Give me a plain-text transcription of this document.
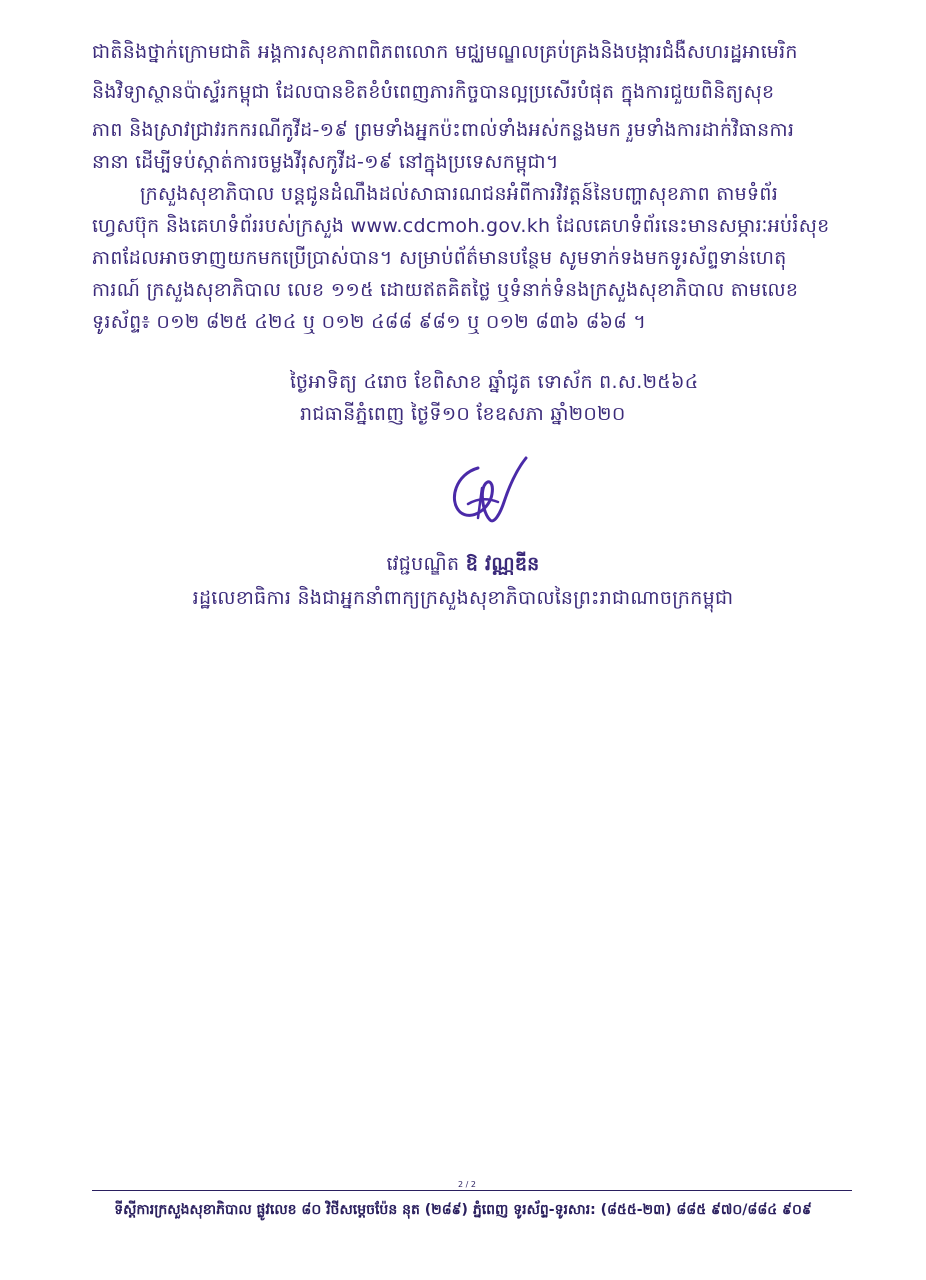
ជាតិនិងថ្នាក់ក្រោមជាតិ អង្គការសុខភាពពិភពលោក មជ្ឈមណ្ឌលគ្រប់គ្រងនិងបង្ការជំងឺសហរដ្ឋអាមេរិក
និងវិទ្យាស្ថានប៉ាស្ទ័រកម្ពុជា ដែលបានខិតខំបំពេញភារកិច្ចបានល្អប្រសើរបំផុត ក្នុងការជួយពិនិត្យសុខ
ភាព និងស្រាវជ្រាវរកករណីកូវីដ-១៩ ព្រមទាំងអ្នកប៉ះពាល់ទាំងអស់កន្លងមក រួមទាំងការដាក់វិធានការ
នានា ដើម្បីទប់ស្កាត់ការចម្លងវីរុសកូវីដ-១៩ នៅក្នុងប្រទេសកម្ពុជា។
ក្រសួងសុខាភិបាល បន្តជូនដំណឹងដល់សាធារណជនអំពីការវិវត្តន៍នៃបញ្ហាសុខភាព តាមទំព័រ
ហ្វេសប៊ុក និងគេហទំព័ររបស់ក្រសួង www.cdcmoh.gov.kh ដែលគេហទំព័រនេះមានសម្ភារៈអប់រំសុខ
ភាពដែលអាចទាញយកមកប្រើប្រាស់បាន។ សម្រាប់ព័ត៌មានបន្ថែម សូមទាក់ទងមកទូរស័ព្ទទាន់ហេតុ
ការណ៍ ក្រសួងសុខាភិបាល លេខ ១១៥ ដោយឥតគិតថ្លៃ ឬទំនាក់ទំនងក្រសួងសុខាភិបាល តាមលេខ
ទូរស័ព្ទ៖ ០១២ ៨២៥ ៤២៤ ឬ ០១២ ៤៨៨ ៩៨១ ឬ ០១២ ៨៣៦ ៨៦៨ ។
ថ្ងៃអាទិត្យ ៤រោច ខែពិសាខ ឆ្នាំជូត ទោស័ក ព.ស.២៥៦៤
រាជធានីភ្នំពេញ ថ្ងៃទី១០ ខែឧសភា ឆ្នាំ២០២០
វេជ្ជបណ្ឌិត ឱ វណ្ណឌីន
រដ្ឋលេខាធិការ និងជាអ្នកនាំពាក្យក្រសួងសុខាភិបាលនៃព្រះរាជាណាចក្រកម្ពុជា
2 / 2
ទីស្តីការក្រសួងសុខាភិបាល ផ្លូវលេខ ៨០ វិថីសម្តេចប៉ែន នុត (២៨៩) ភ្នំពេញ ទូរស័ព្ទ-ទូរសារ: (៨៥៥-២៣) ៨៨៥ ៩៧០/៨៨៤ ៩០៩
